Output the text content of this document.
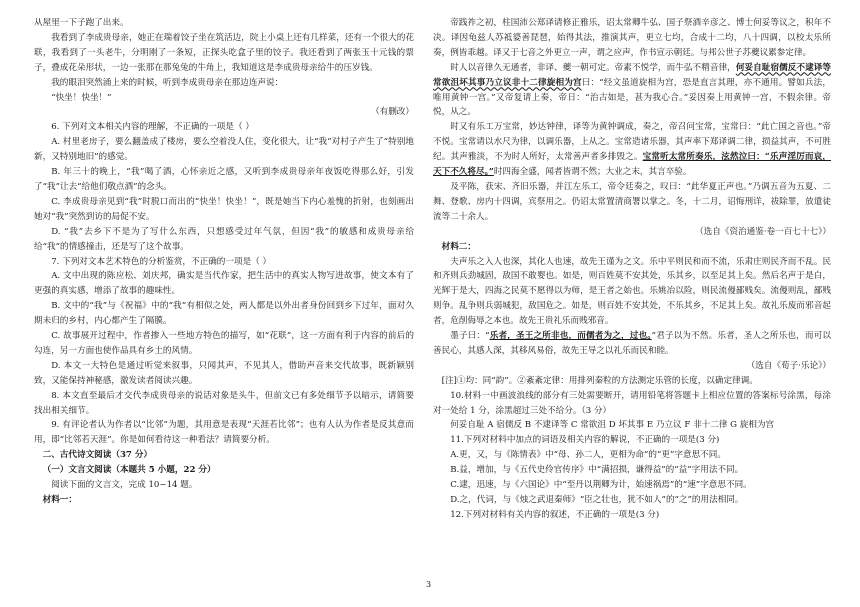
从屋里一下子跑了出来。

我看到了李成贵母亲，她正在瑞着饺子坐在筑活边，院上小桌上还有几样菜，还有一个很大的花联，我看到了一头老牛，分明刚了一条短，正探头吃盒子里的饺子。我还看到了两张玉十元钱的票子，叠成花朵形状，一边一张那在那兔兔的牛角上，我知道这是李成贵母亲给牛的压岁钱。

我的眼泪突然涌上来的时候，听到李成贵母亲在那边连声说：

“快坐！快坐！”

（有删改）

6. 下列对文本相关内容的理解，不正确的一项是（ ）

A. 村里老房子，要么翻盖成了楼房，要么空着没人住，变化很大，让“我”对村子产生了“特别地新，又特别地旧”的感觉。

B. 年三十的晚上，“我”喝了酒，心怀亲近之感，又听到李成贵母亲年夜饭吃得那么好，引发了“我”让去“给他们敬点酒”的念头。

C. 李成贵母亲见到“我”时脱口而出的“快坐！快坐！”，既是她当下内心羞愧的折射，也刻画出她对“我”突然到访的局促不安。

D. “我”去乡下不是为了写什么东西，只想感受过年气氛，但因“我”的敏感和成贵母亲给给“我”的情感撞击，还是写了这个故事。

7. 下列对文本艺术特色的分析鉴赏，不正确的一项是（ ）

A. 文中出现的陈应松、刘庆邦，确实是当代作家，把生活中的真实人物写进故事，使文本有了更强的真实感，增添了故事的趣味性。

B. 文中的“我”与《祝福》中的“我”有相似之处，两人都是以外出者身份回到乡下过年，面对久期未归的乡村，内心都产生了隔膜。

C. 故事展开过程中，作者掺入一些地方特色的描写，如“花联”，这一方面有利于内容的前后的勾连，另一方面也使作品具有乡土的风情。

D. 本文一大特色是通过听觉来叙事，只闻其声，不见其人，借助声音来交代故事，既新颖别致，又能保持神秘感，激发读者阅读兴趣。

8. 本文直至最后才交代李成贵母亲的说话对象是头牛，但前文已有多处细节予以暗示，请简要找出相关细节。

9. 有评论者认为作者以“比邻”为题，其用意是表现“天涯若比邻”；也有人认为作者是反其意而用，即“比邻若天涯”。你是如何看待这一种看法？请简要分析。

二、古代诗文阅读（37 分）

（一）文言文阅读（本题共 5 小题，22 分）

阅读下面的文言文，完成 10~14 题。

材料一：

帝践祚之初，柱国沛公郑译请修正雅乐，诏太常卿牛弘、国子祭酒辛彦之、博士何妥等议之，积年不决。译因龟兹人苏祗婆善琵琶，始得其法，推演其声，更立七均，合成十二均，八十四调，以校太乐所奏，例皆乖越。译又于七音之外更立一声，谓之应声，作书宣示朝廷。与邦公世子苏夔议累参定律。

时人以音律久无通者，非译、夔一朝可定。帝素不悦学，而牛弘不精音律，何妥自耻宿儒反不逮译等常欲沮坏其事乃立议非十二律旋相为宫曰：“经文虽道旋相为宫，恐是直言其理，亦不通用。譬如兵法，唯用黄钟一宫。”又帝复请上奏，帝日：“治古如是，甚为我心合。”妥因奏上用黄钟一宫，不假余律。帝悦，从之。

时又有乐工万宝常，妙达钟律，译等为黄钟调成，奏之，帝召问宝常，宝常曰：“此亡国之音也。”帝不悦。宝常请以水尺为律，以调乐器，上从之。宝常造诸乐器，其声率下郑译调二律，损益其声，不可胜纪。其声雅淡，不为时人所好，太常善声者多排毁之。宝常听太常所奏乐，泫然泣曰：“乐声淫厉而哀，天下不久将尽。”时四海全盛，闻者皆谓不然；大业之末，其言卒验。

及平陈，获宋、齐旧乐器，并江左乐工，帝令廷奏之，叹曰：“此华夏正声也。”乃调五音为五夏、二舞、登歌、房内十四调，宾祭用之。仍诏太常置清商署以掌之。冬，十二月，诏悔刑详，祓除罪，放遣徒流等二十余人。

（选自《资治通鉴·卷一百七十七》）

材料二：

夫声乐之入人也深，其化人也速，故先王谨为之文。乐中平则民和而不流，乐肃庄则民齐而不乱。民和齐则兵劲城固，敌国不敢婴也。如是，则百姓莫不安其处，乐其乡，以至足其上矣。然后名声于是白，光辉于是大，四海之民莫不愿得以为师，是王者之始也。乐姚冶以险，则民流僈鄙贱矣。流僈则乱，鄙贱则争。乱争则兵弱城犯，敌国危之。如是，则百姓不安其处，不乐其乡，不足其上矣。故礼乐废而邪音起者，危削侮辱之本也。故先王贵礼乐而贱邪音。

墨子曰：“乐者，圣王之所非也，而儒者为之，过也。”君子以为不然。乐者，圣人之所乐也，而可以善民心，其感人深，其移风易俗，故先王导之以礼乐而民和睦。

（选自《荀子·乐论》）

[注]①均：同“韵”。②紊紊定律：用排列秦粒的方法测定乐管的长度，以确定律调。

10.材料一中画波浪线的部分有三处需要断开，请用铅笔将答题卡上相应位置的答案标号涂黑，每涂对一处给 1 分，涂黑超过三处不给分。（3 分）

何妥自耻 A 宿儒反 B 不逮译等 C 常欲沮 D 坏其事 E 乃立议 F 非十二律 G 旋相为宫

11.下列对材料中加点的词语及相关内容的解说，不正确的一项是(3 分)

A.更，又，与《陈情表》中“母、孙二人，更相为命”的“更”字意思不同。

B.益，增加，与《五代史伶官传序》中“满招损，谦得益”的“益”字用法不同。

C.逮，迅速，与《六国论》中“至丹以荆卿为计，始速祸焉”的“速”字意思不同。

D.之，代词，与《烛之武退秦师》“臣之壮也，犹不如人”的“之”的用法相同。

12.下列对材料有关内容的叙述，不正确的一项是(3 分)

3
